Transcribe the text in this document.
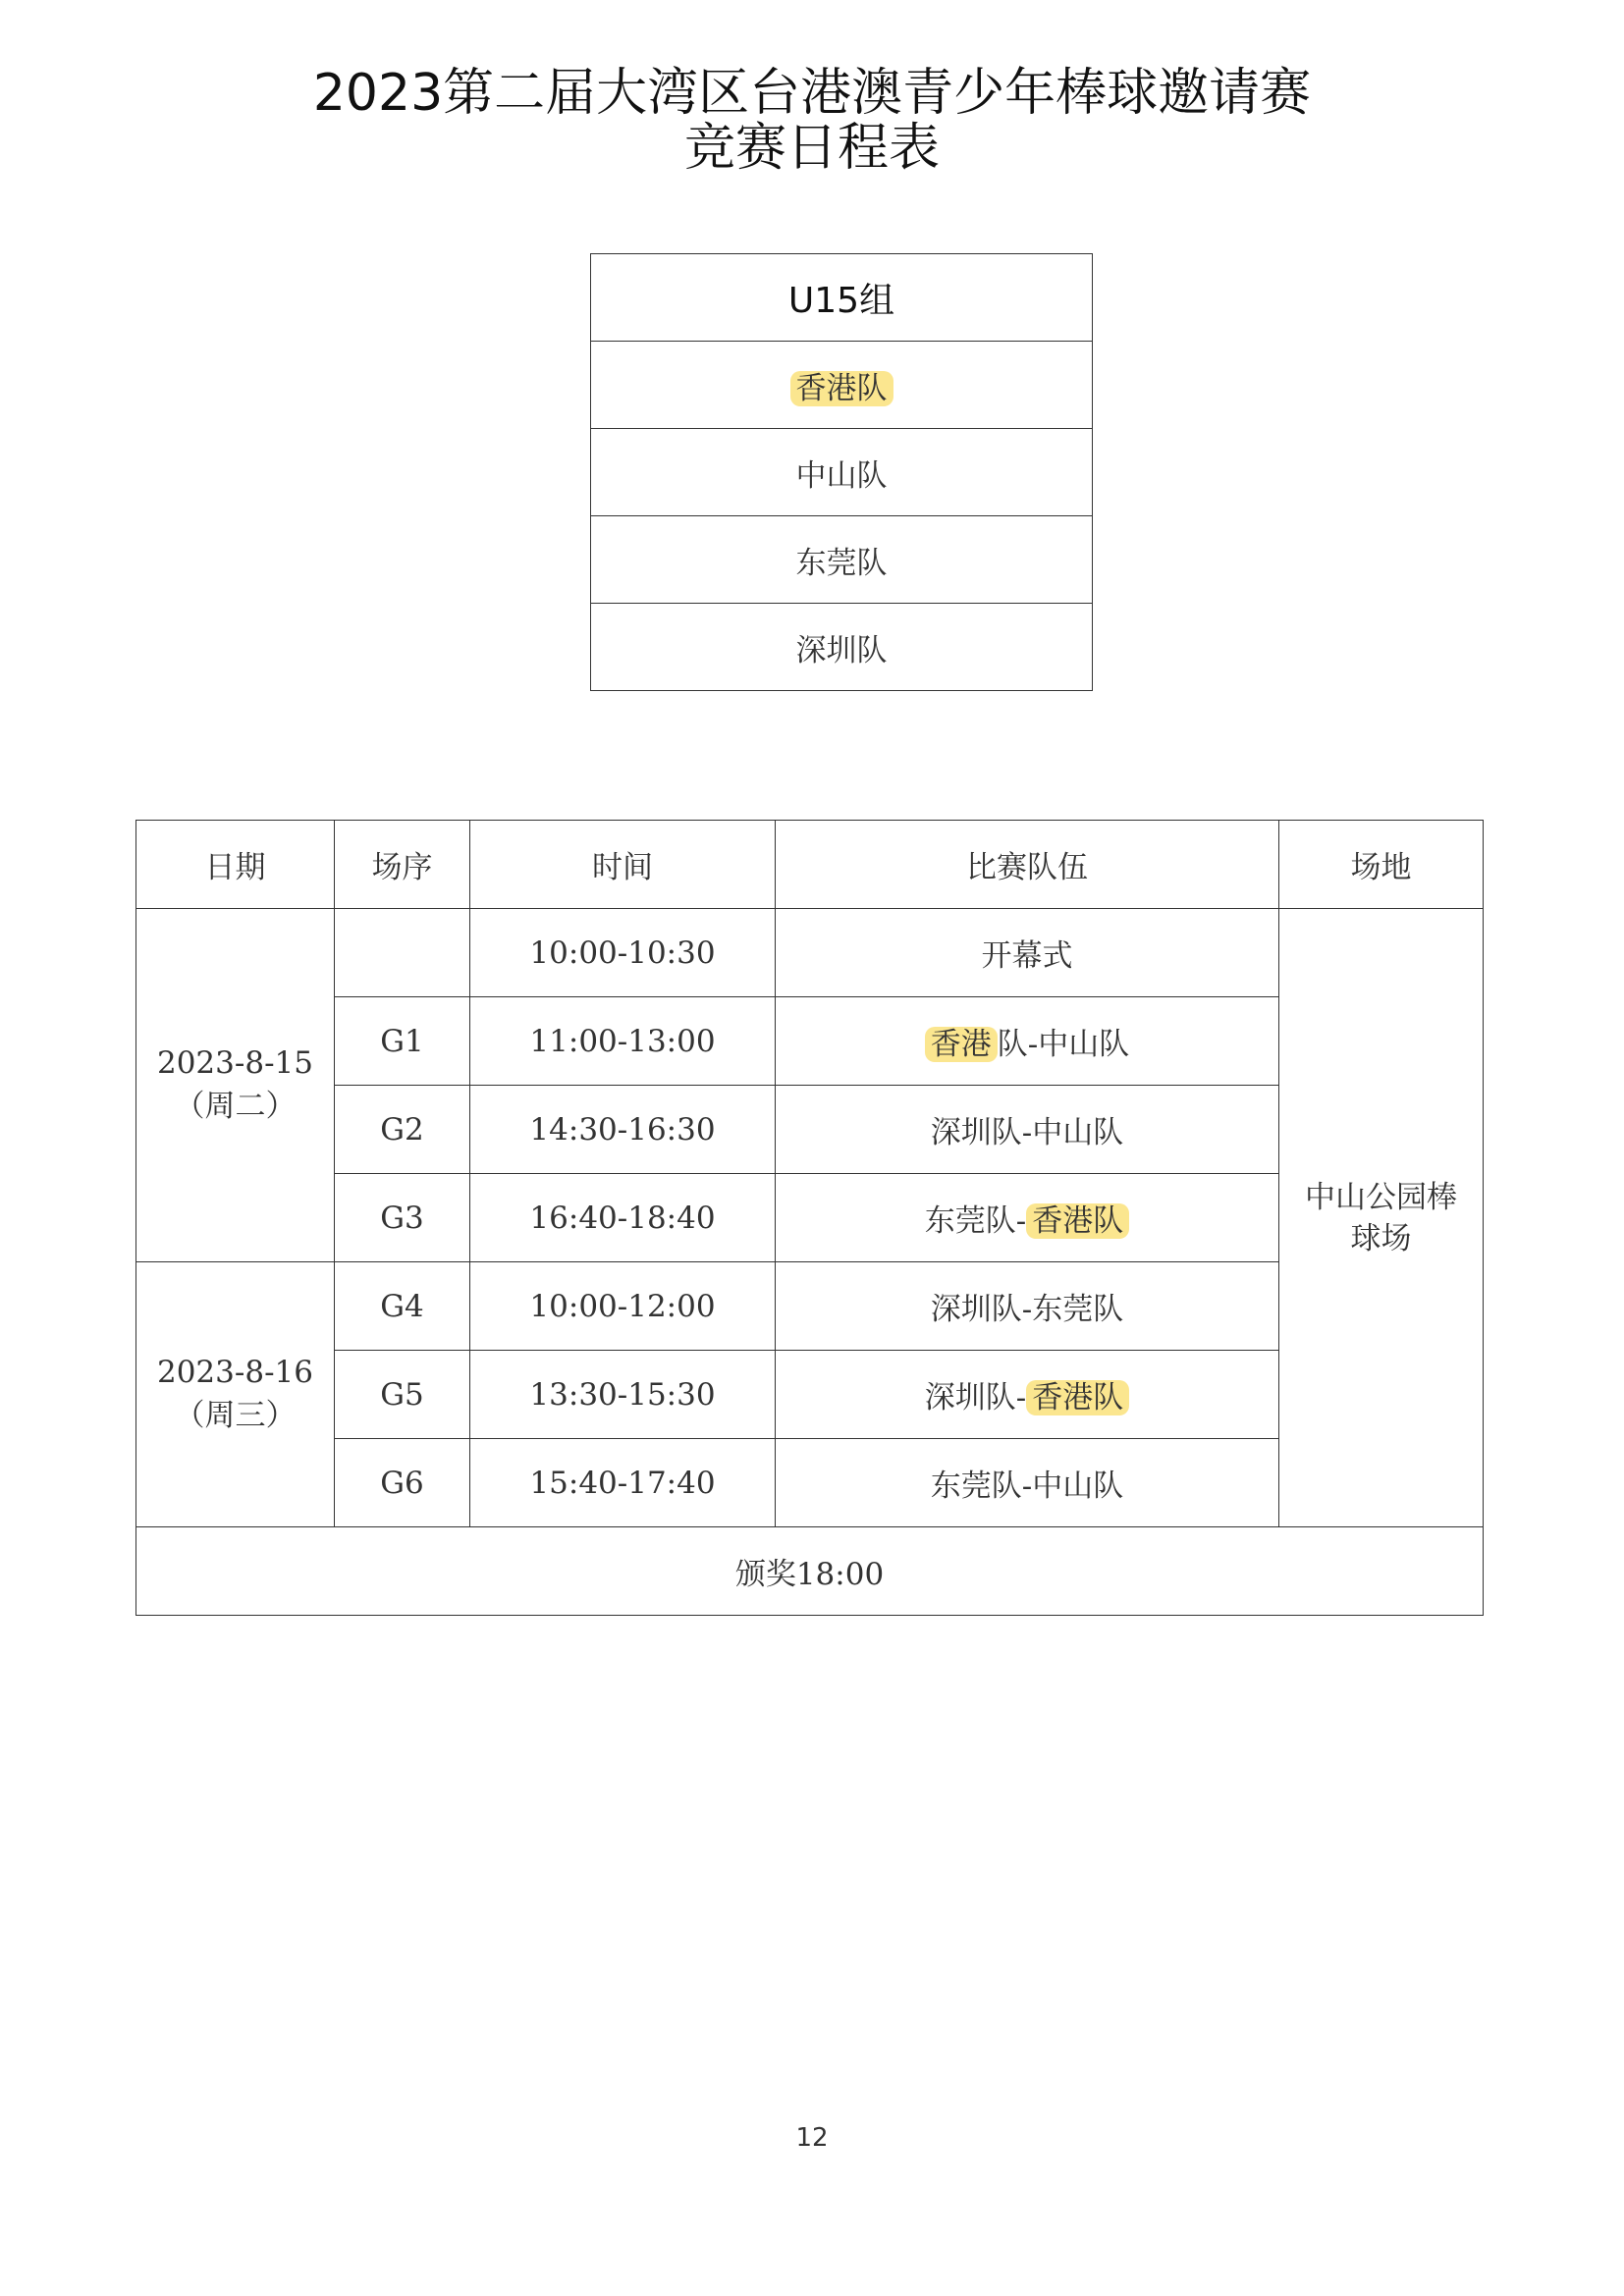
2023第二届大湾区台港澳青少年棒球邀请赛
竞赛日程表
U15组
香港队
中山队
东莞队
深圳队
日期	场序	时间	比赛队伍	场地

2023-8-15
（周二）		10:00-10:30	开幕式	中山公园棒球场

	G1	11:00-13:00	香港 队-中山队	
	G2	14:30-16:30	深圳队-中山队	
	G3	16:40-18:40	东莞队- 香港队	

2023-8-16
（周三）	G4	10:00-12:00	深圳队-东莞队	
	G5	13:30-15:30	深圳队- 香港队	
	G6	15:40-17:40	东莞队-中山队	
颁奖18:00				
12
